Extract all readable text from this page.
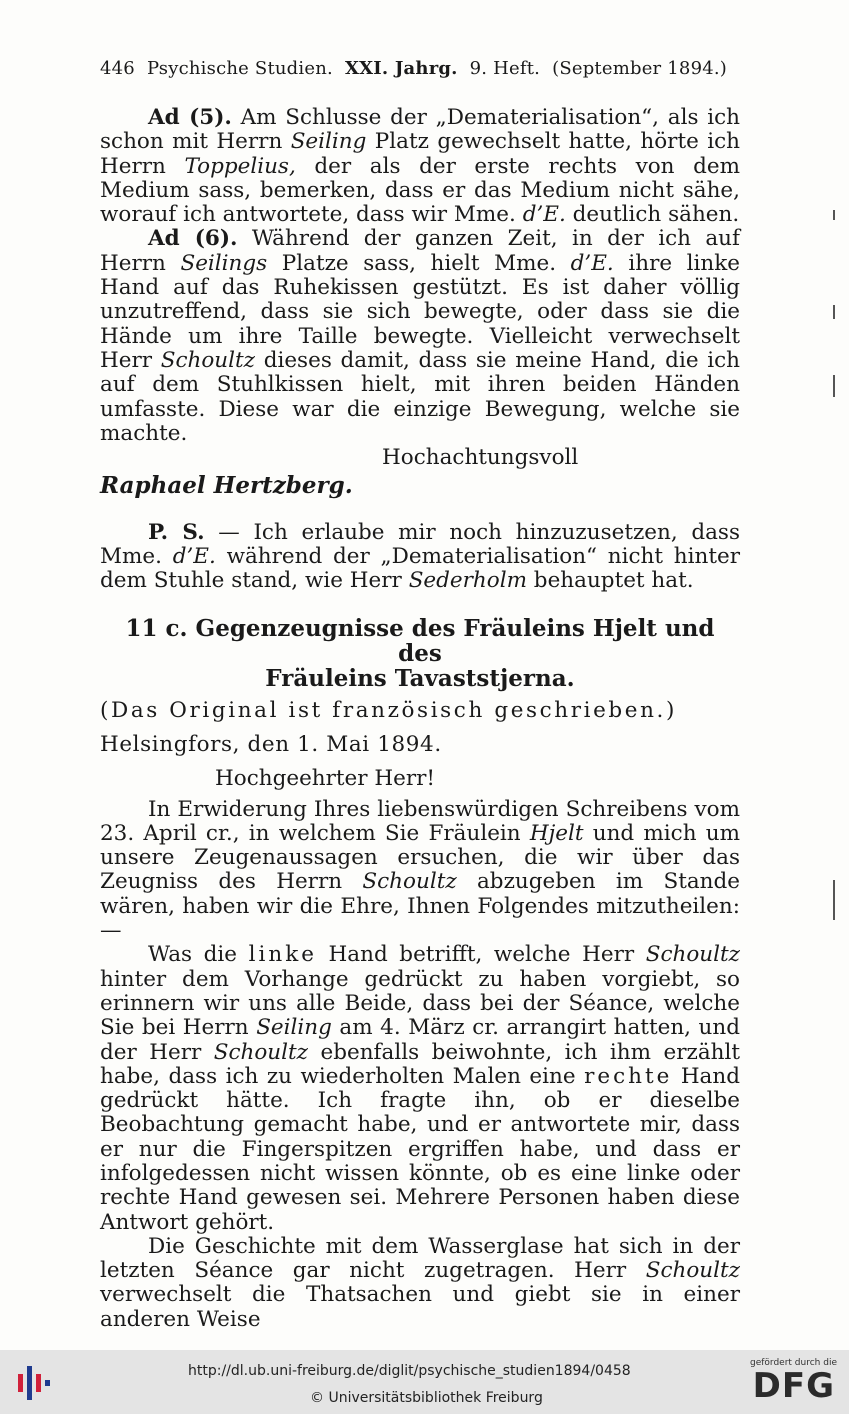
446 Psychische Studien. XXI. Jahrg. 9. Heft. (September 1894.)

Ad (5). Am Schlusse der „Dematerialisation“, als ich schon mit Herrn Seiling Platz gewechselt hatte, hörte ich Herrn Toppelius, der als der erste rechts von dem Medium sass, bemerken, dass er das Medium nicht sähe, worauf ich antwortete, dass wir Mme. d’E. deutlich sähen.

Ad (6). Während der ganzen Zeit, in der ich auf Herrn Seilings Platze sass, hielt Mme. d’E. ihre linke Hand auf das Ruhekissen gestützt. Es ist daher völlig unzutreffend, dass sie sich bewegte, oder dass sie die Hände um ihre Taille bewegte. Vielleicht verwechselt Herr Schoultz dieses damit, dass sie meine Hand, die ich auf dem Stuhlkissen hielt, mit ihren beiden Händen umfasste. Diese war die einzige Bewegung, welche sie machte.

Hochachtungsvoll

Raphael Hertzberg.

P. S. — Ich erlaube mir noch hinzuzusetzen, dass Mme. d’E. während der „Dematerialisation“ nicht hinter dem Stuhle stand, wie Herr Sederholm behauptet hat.

11 c. Gegenzeugnisse des Fräuleins Hjelt und des
Fräuleins Tavaststjerna.

(Das Original ist französisch geschrieben.)

Helsingfors, den 1. Mai 1894.

Hochgeehrter Herr!

In Erwiderung Ihres liebenswürdigen Schreibens vom 23. April cr., in welchem Sie Fräulein Hjelt und mich um unsere Zeugenaussagen ersuchen, die wir über das Zeugniss des Herrn Schoultz abzugeben im Stande wären, haben wir die Ehre, Ihnen Folgendes mitzutheilen: —

Was die linke Hand betrifft, welche Herr Schoultz hinter dem Vorhange gedrückt zu haben vorgiebt, so erinnern wir uns alle Beide, dass bei der Séance, welche Sie bei Herrn Seiling am 4. März cr. arrangirt hatten, und der Herr Schoultz ebenfalls beiwohnte, ich ihm erzählt habe, dass ich zu wiederholten Malen eine rechte Hand gedrückt hätte. Ich fragte ihn, ob er dieselbe Beobachtung gemacht habe, und er antwortete mir, dass er nur die Fingerspitzen ergriffen habe, und dass er infolgedessen nicht wissen könnte, ob es eine linke oder rechte Hand gewesen sei. Mehrere Personen haben diese Antwort gehört.

Die Geschichte mit dem Wasserglase hat sich in der letzten Séance gar nicht zugetragen. Herr Schoultz verwechselt die Thatsachen und giebt sie in einer anderen Weise

http://dl.ub.uni-freiburg.de/diglit/psychische_studien1894/0458
© Universitätsbibliothek Freiburg
gefördert durch die
DFG
